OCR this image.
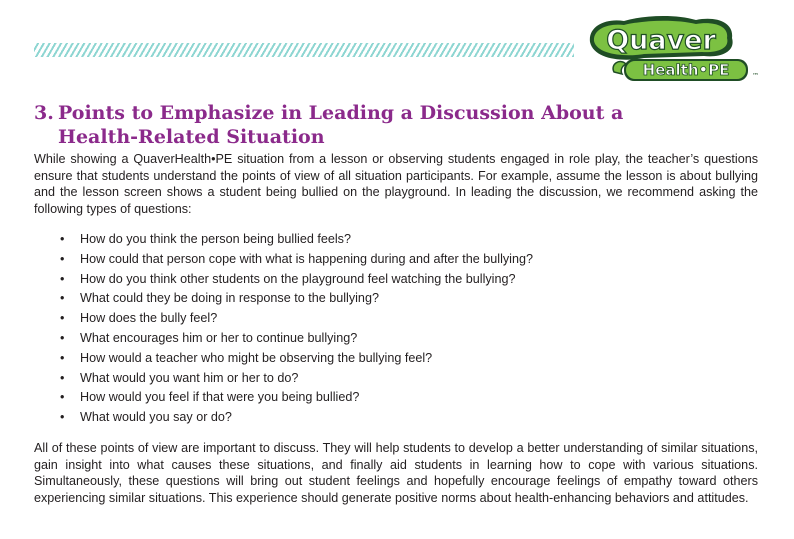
Quaver
Health•PE	™
3. Points to Emphasize in Leading a Discussion About a
Health-Related Situation

While showing a QuaverHealth•PE situation from a lesson or observing students engaged in role play, the teacher’s questions ensure that students understand the points of view of all situation participants. For example, assume the lesson is about bullying and the lesson screen shows a student being bullied on the playground. In leading the discussion, we recommend asking the following types of questions:

• How do you think the person being bullied feels?
• How could that person cope with what is happening during and after the bullying?
• How do you think other students on the playground feel watching the bullying?
• What could they be doing in response to the bullying?
• How does the bully feel?
• What encourages him or her to continue bullying?
• How would a teacher who might be observing the bullying feel?
• What would you want him or her to do?
• How would you feel if that were you being bullied?
• What would you say or do?

All of these points of view are important to discuss. They will help students to develop a better understanding of similar situations, gain insight into what causes these situations, and finally aid students in learning how to cope with various situations. Simultaneously, these questions will bring out student feelings and hopefully encourage feelings of empathy toward others experiencing similar situations. This experience should generate positive norms about health-enhancing behaviors and attitudes.
